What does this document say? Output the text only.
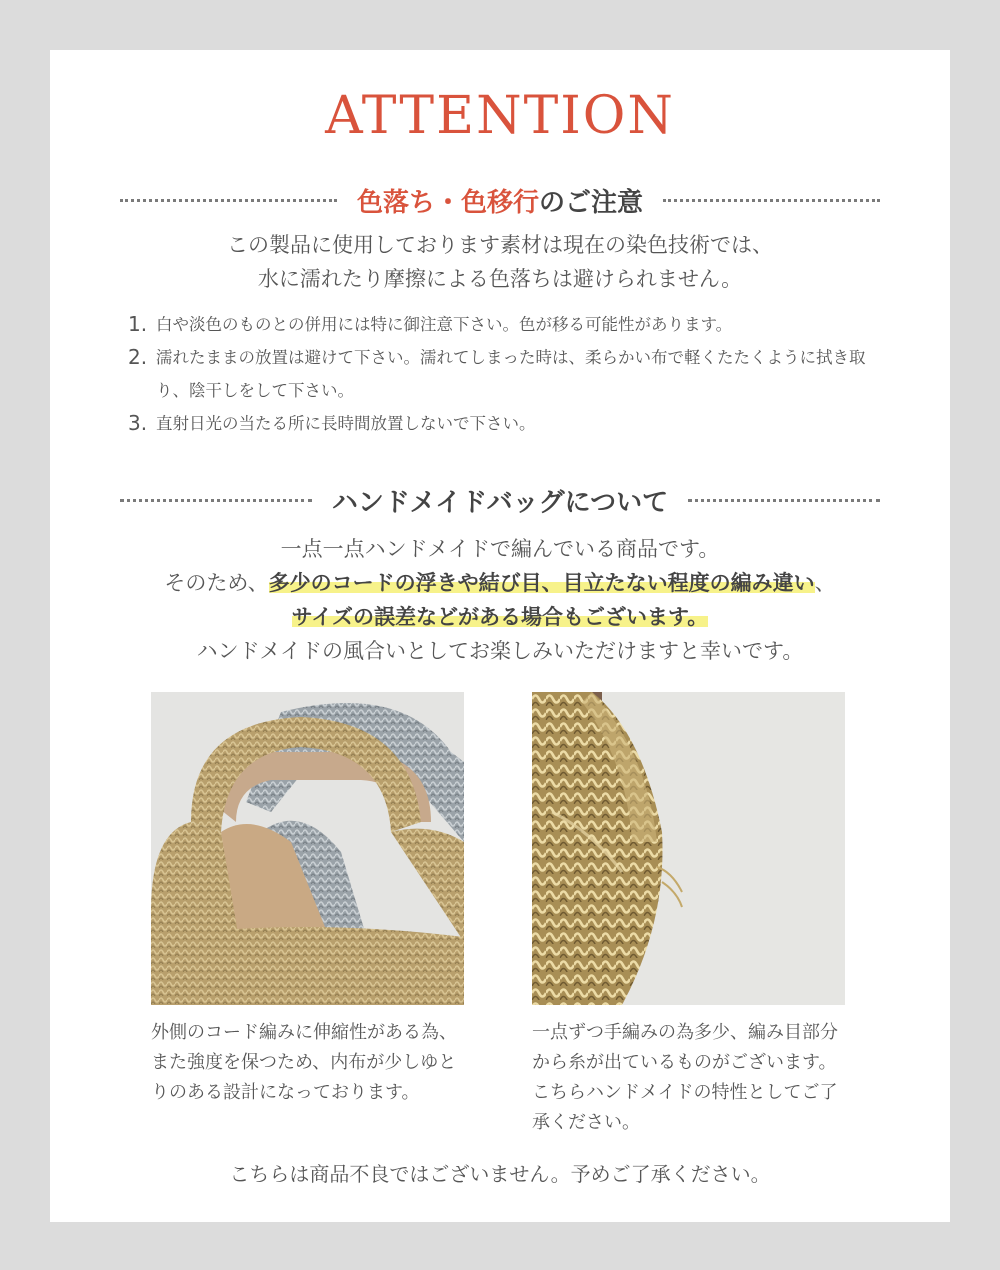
ATTENTION
色落ち・色移行のご注意
この製品に使用しております素材は現在の染色技術では、
水に濡れたり摩擦による色落ちは避けられません。
1. 白や淡色のものとの併用には特に御注意下さい。色が移る可能性があります。
2. 濡れたままの放置は避けて下さい。濡れてしまった時は、柔らかい布で軽くたたくように拭き取り、陰干しをして下さい。
3. 直射日光の当たる所に長時間放置しないで下さい。
ハンドメイドバッグについて
一点一点ハンドメイドで編んでいる商品です。
そのため、多少のコードの浮きや結び目、目立たない程度の編み違い、
サイズの誤差などがある場合もございます。
ハンドメイドの風合いとしてお楽しみいただけますと幸いです。
外側のコード編みに伸縮性がある為、また強度を保つため、内布が少しゆとりのある設計になっております。
一点ずつ手編みの為多少、編み目部分から糸が出ているものがございます。こちらハンドメイドの特性としてご了承ください。
こちらは商品不良ではございません。予めご了承ください。
